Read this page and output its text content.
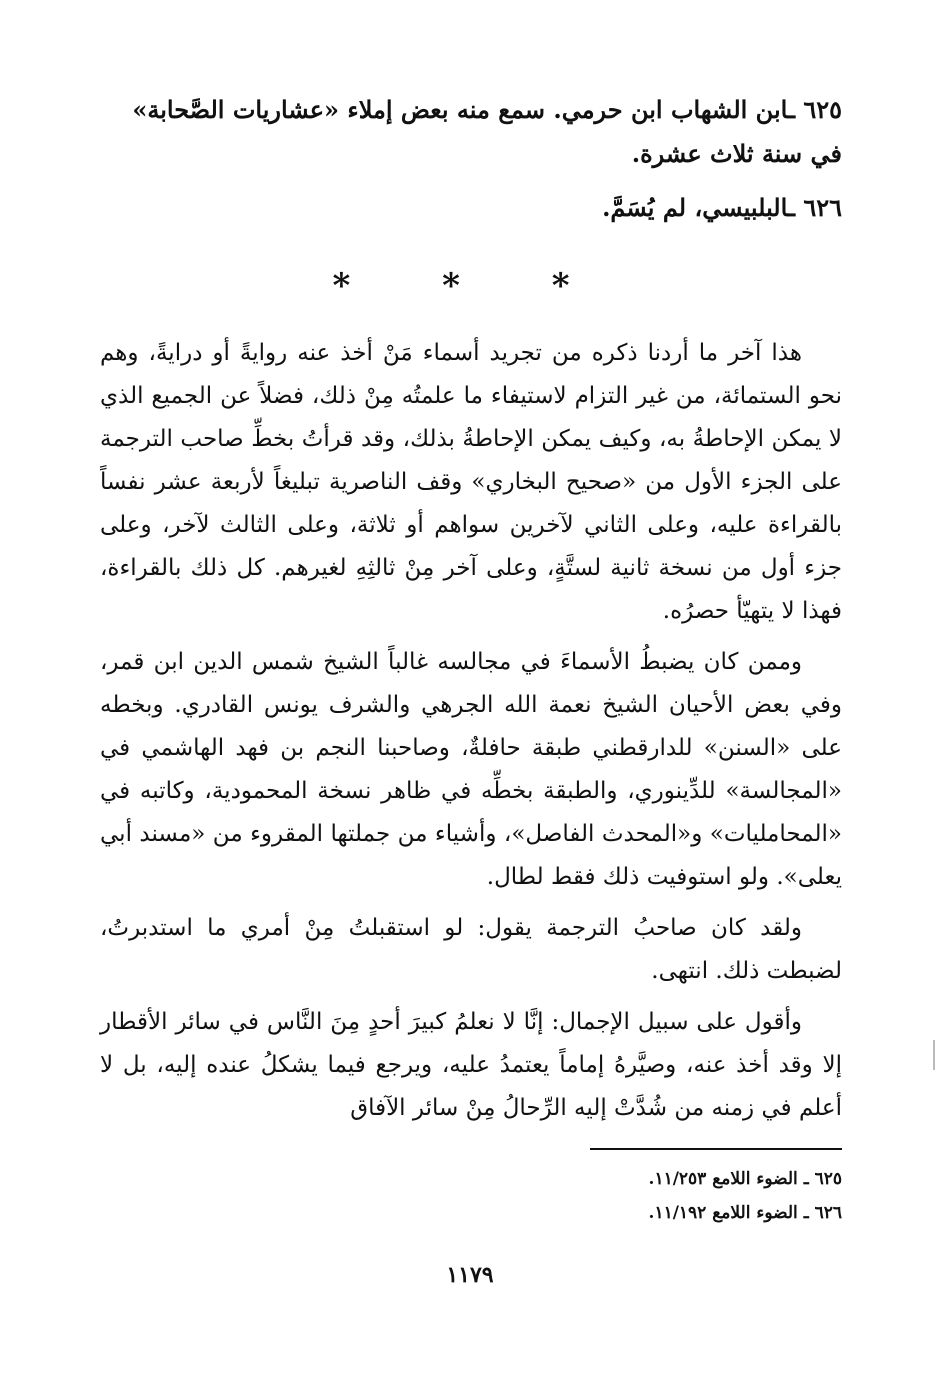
٦٢٥ ـابن الشهاب ابن حرمي. سمع منه بعض إملاء «عشاريات الصَّحابة» في سنة ثلاث عشرة.

٦٢٦ ـالبلبيسي، لم يُسَمَّ.

* * *

هذا آخر ما أردنا ذكره من تجريد أسماء مَنْ أخذ عنه روايةً أو درايةً، وهم نحو الستمائة، من غير التزام لاستيفاء ما علمتُه مِنْ ذلك، فضلاً عن الجميع الذي لا يمكن الإحاطةُ به، وكيف يمكن الإحاطةُ بذلك، وقد قرأتُ بخطِّ صاحب الترجمة على الجزء الأول من «صحيح البخاري» وقف الناصرية تبليغاً لأربعة عشر نفساً بالقراءة عليه، وعلى الثاني لآخرين سواهم أو ثلاثة، وعلى الثالث لآخر، وعلى جزء أول من نسخة ثانية لستَّةٍ، وعلى آخر مِنْ ثالثِهِ لغيرهم. كل ذلك بالقراءة، فهذا لا يتهيّأ حصرُه.

وممن كان يضبطُ الأسماءَ في مجالسه غالباً الشيخ شمس الدين ابن قمر، وفي بعض الأحيان الشيخ نعمة الله الجرهي والشرف يونس القادري. وبخطه على «السنن» للدارقطني طبقة حافلةٌ، وصاحبنا النجم بن فهد الهاشمي في «المجالسة» للدِّينوري، والطبقة بخطِّه في ظاهر نسخة المحمودية، وكاتبه في «المحامليات» و«المحدث الفاصل»، وأشياء من جملتها المقروء من «مسند أبي يعلى». ولو استوفيت ذلك فقط لطال.

ولقد كان صاحبُ الترجمة يقول: لو استقبلتُ مِنْ أمري ما استدبرتُ، لضبطت ذلك. انتهى.

وأقول على سبيل الإجمال: إنَّا لا نعلمُ كبيرَ أحدٍ مِنَ النَّاس في سائر الأقطار إلا وقد أخذ عنه، وصيَّرهُ إماماً يعتمدُ عليه، ويرجع فيما يشكلُ عنده إليه، بل لا أعلم في زمنه من شُدَّتْ إليه الرِّحالُ مِنْ سائر الآفاق

٦٢٥ ـ الضوء اللامع ١١/٢٥٣.
٦٢٦ ـ الضوء اللامع ١١/١٩٢.
١١٧٩
